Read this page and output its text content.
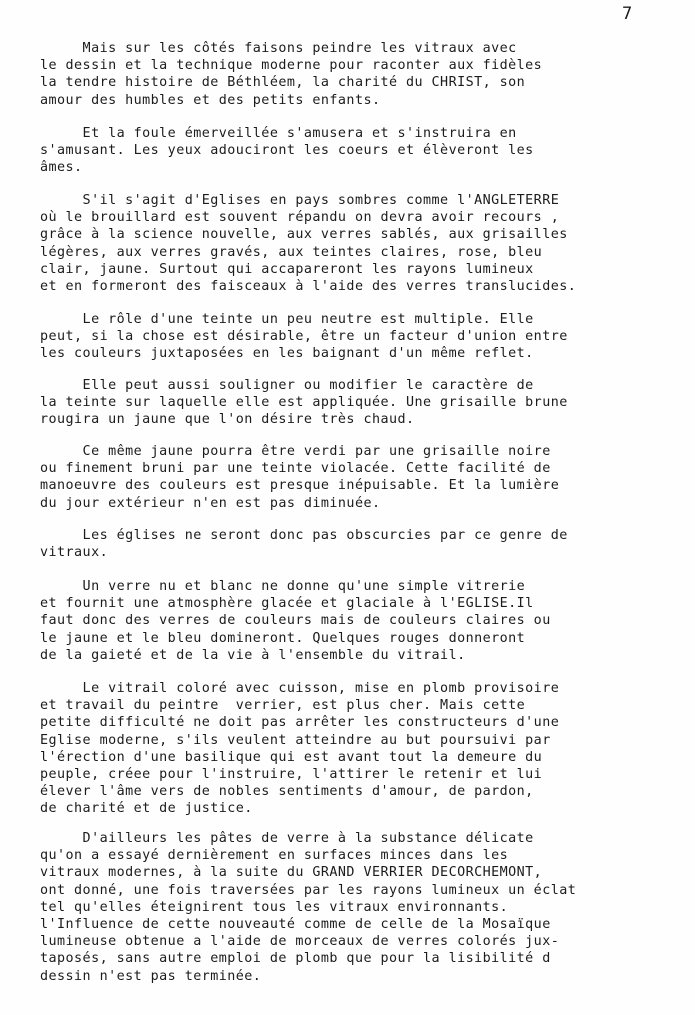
7
Mais sur les côtés faisons peindre les vitraux avec
le dessin et la technique moderne pour raconter aux fidèles
la tendre histoire de Béthléem, la charité du CHRIST, son
amour des humbles et des petits enfants.
Et la foule émerveillée s'amusera et s'instruira en
s'amusant. Les yeux adouciront les coeurs et élèveront les
âmes.
S'il s'agit d'Eglises en pays sombres comme l'ANGLETERRE
où le brouillard est souvent répandu on devra avoir recours ,
grâce à la science nouvelle, aux verres sablés, aux grisailles
légères, aux verres gravés, aux teintes claires, rose, bleu
clair, jaune. Surtout qui accapareront les rayons lumineux
et en formeront des faisceaux à l'aide des verres translucides.
Le rôle d'une teinte un peu neutre est multiple. Elle
peut, si la chose est désirable, être un facteur d'union entre
les couleurs juxtaposées en les baignant d'un même reflet.
Elle peut aussi souligner ou modifier le caractère de
la teinte sur laquelle elle est appliquée. Une grisaille brune
rougira un jaune que l'on désire très chaud.
Ce même jaune pourra être verdi par une grisaille noire
ou finement bruni par une teinte violacée. Cette facilité de
manoeuvre des couleurs est presque inépuisable. Et la lumière
du jour extérieur n'en est pas diminuée.
Les églises ne seront donc pas obscurcies par ce genre de
vitraux.
Un verre nu et blanc ne donne qu'une simple vitrerie
et fournit une atmosphère glacée et glaciale à l'EGLISE.Il
faut donc des verres de couleurs mais de couleurs claires ou
le jaune et le bleu domineront. Quelques rouges donneront
de la gaieté et de la vie à l'ensemble du vitrail.
Le vitrail coloré avec cuisson, mise en plomb provisoire
et travail du peintre  verrier, est plus cher. Mais cette
petite difficulté ne doit pas arrêter les constructeurs d'une
Eglise moderne, s'ils veulent atteindre au but poursuivi par
l'érection d'une basilique qui est avant tout la demeure du
peuple, créee pour l'instruire, l'attirer le retenir et lui
élever l'âme vers de nobles sentiments d'amour, de pardon,
de charité et de justice.
D'ailleurs les pâtes de verre à la substance délicate
qu'on a essayé dernièrement en surfaces minces dans les
vitraux modernes, à la suite du GRAND VERRIER DECORCHEMONT,
ont donné, une fois traversées par les rayons lumineux un éclat
tel qu'elles éteignirent tous les vitraux environnants.
l'Influence de cette nouveauté comme de celle de la Mosaïque
lumineuse obtenue a l'aide de morceaux de verres colorés jux-
taposés, sans autre emploi de plomb que pour la lisibilité d
dessin n'est pas terminée.
